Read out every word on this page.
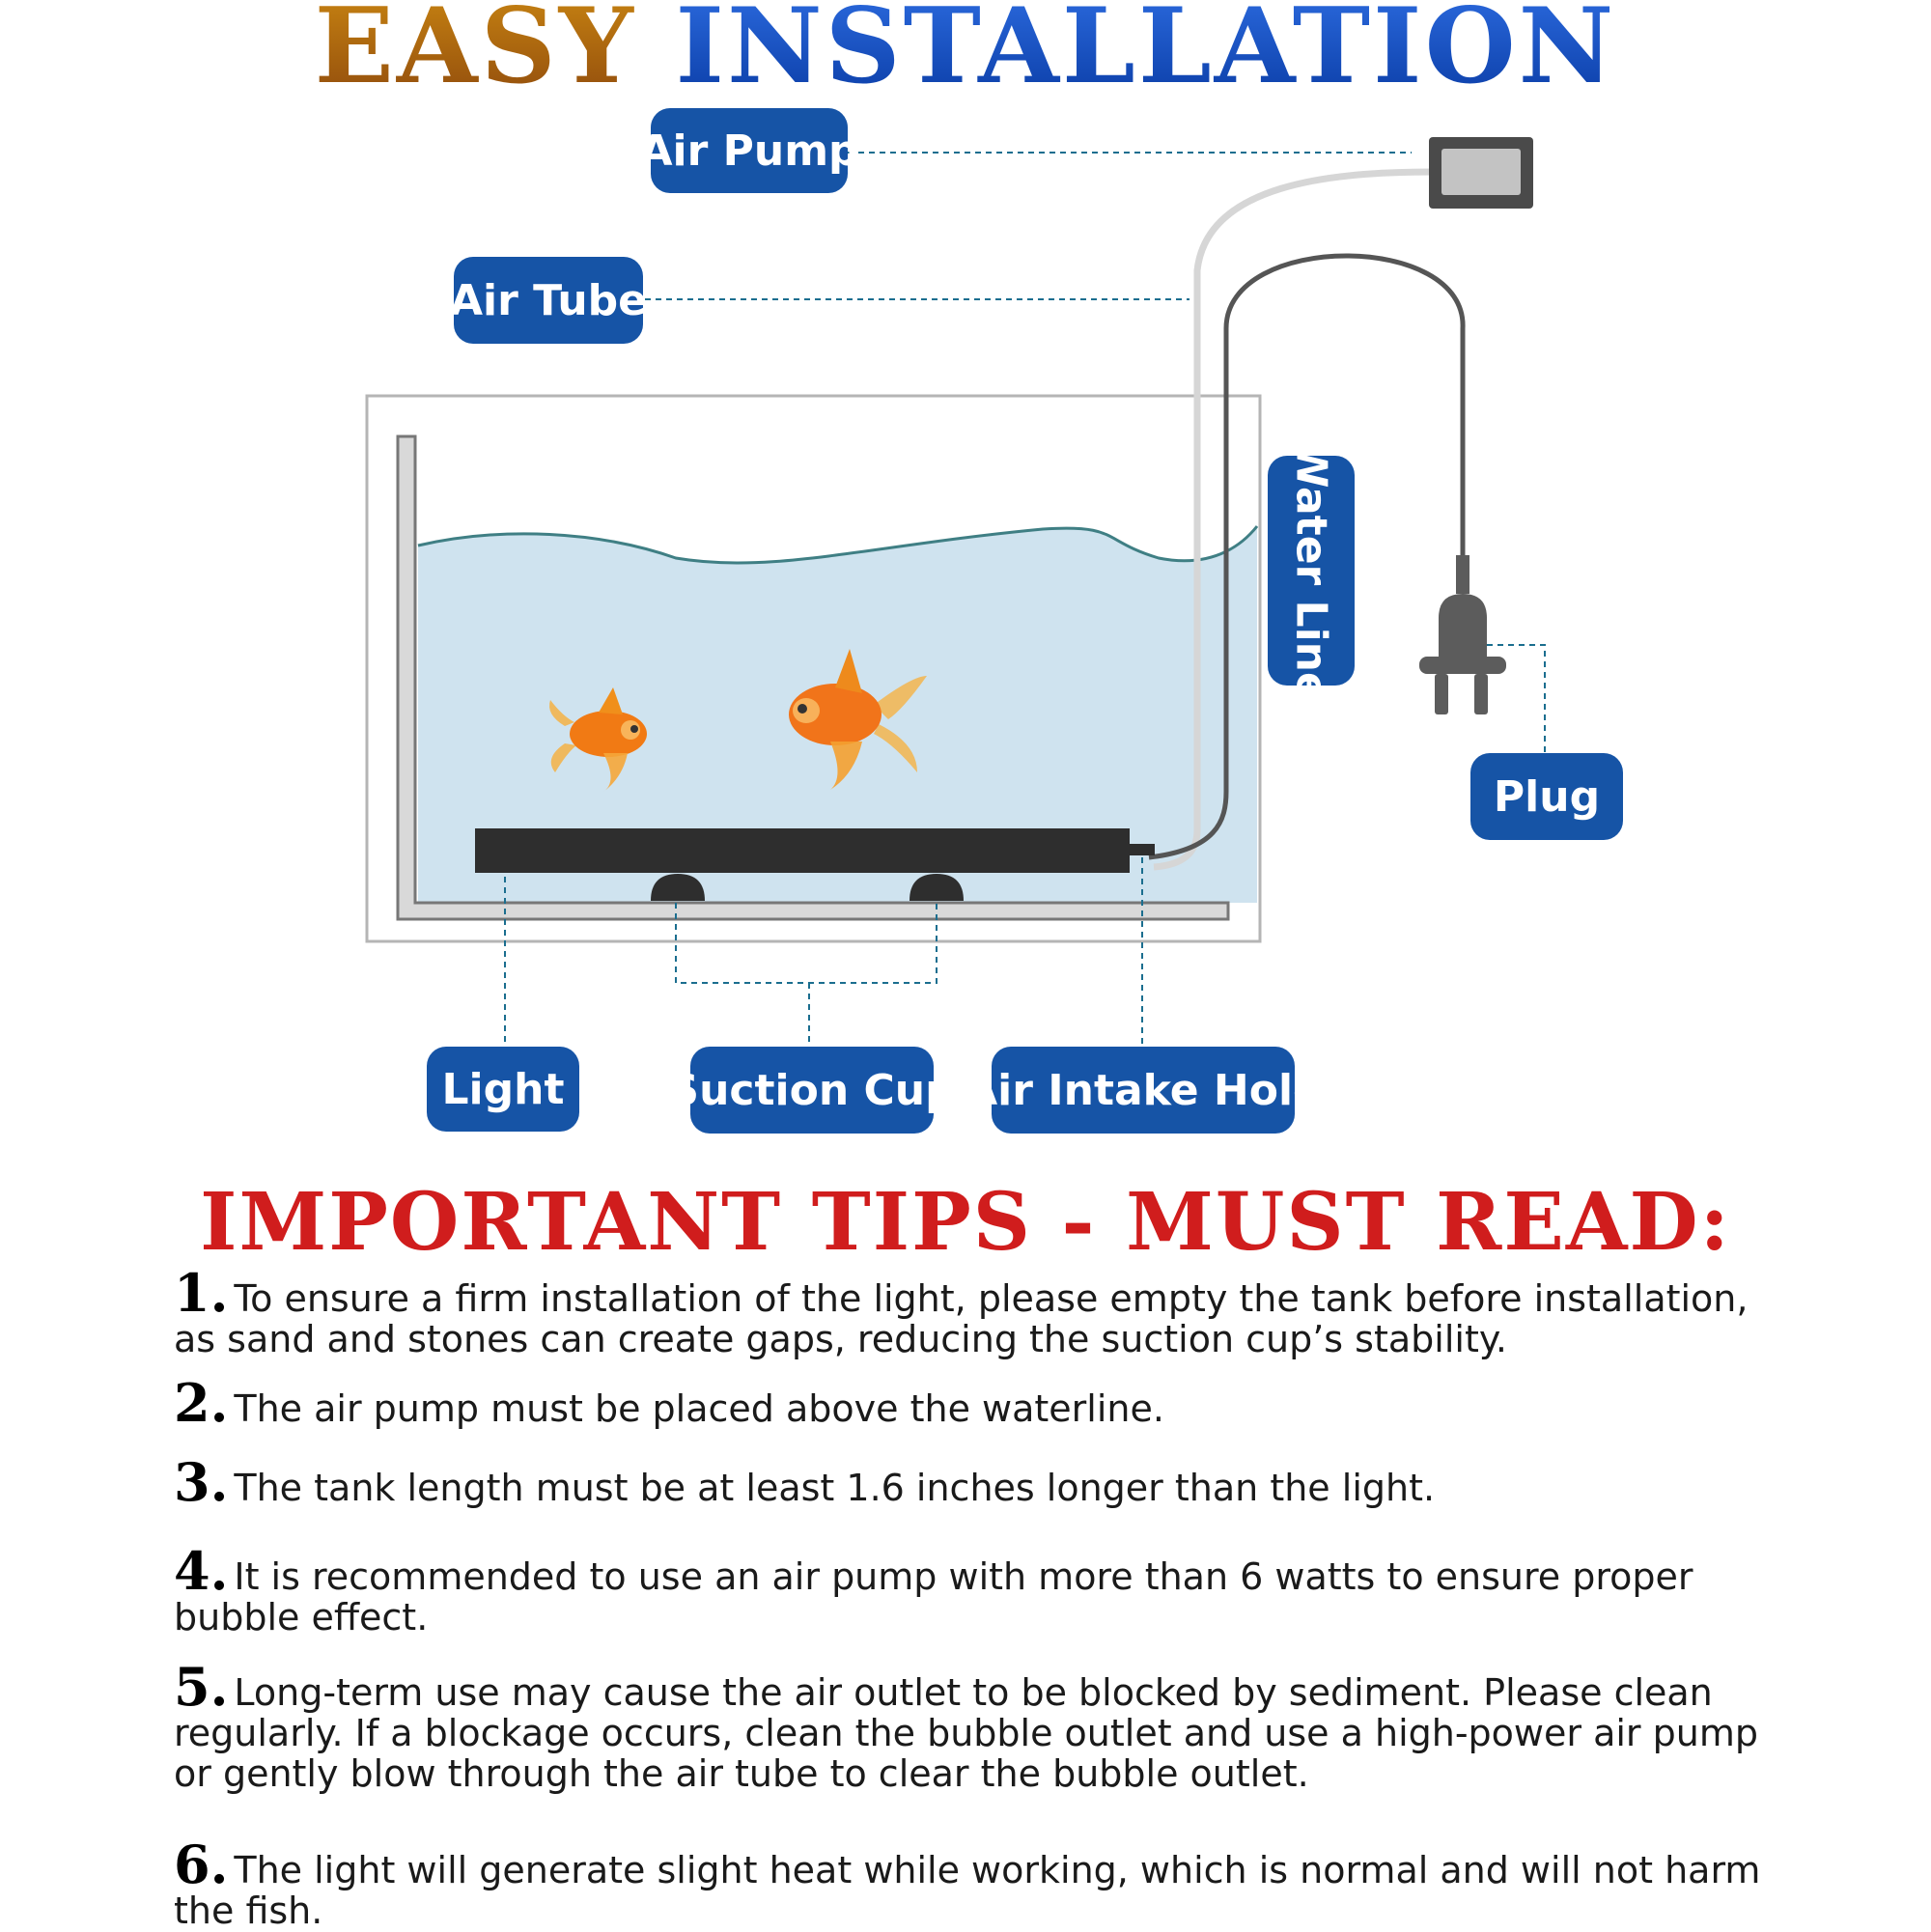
EASY INSTALLATION
Air Pump
Air Tube
Water Line
Plug
Light	Suction Cup Air Intake Hole
IMPORTANT TIPS - MUST READ:

1. To ensure a firm installation of the light, please empty the tank before installation, as sand and stones can create gaps, reducing the suction cup’s stability.

2. The air pump must be placed above the waterline.

3. The tank length must be at least 1.6 inches longer than the light.

4. It is recommended to use an air pump with more than 6 watts to ensure proper bubble effect.

5. Long-term use may cause the air outlet to be blocked by sediment. Please clean regularly. If a blockage occurs, clean the bubble outlet and use a high-power air pump or gently blow through the air tube to clear the bubble outlet.

6. The light will generate slight heat while working, which is normal and will not harm the fish.
